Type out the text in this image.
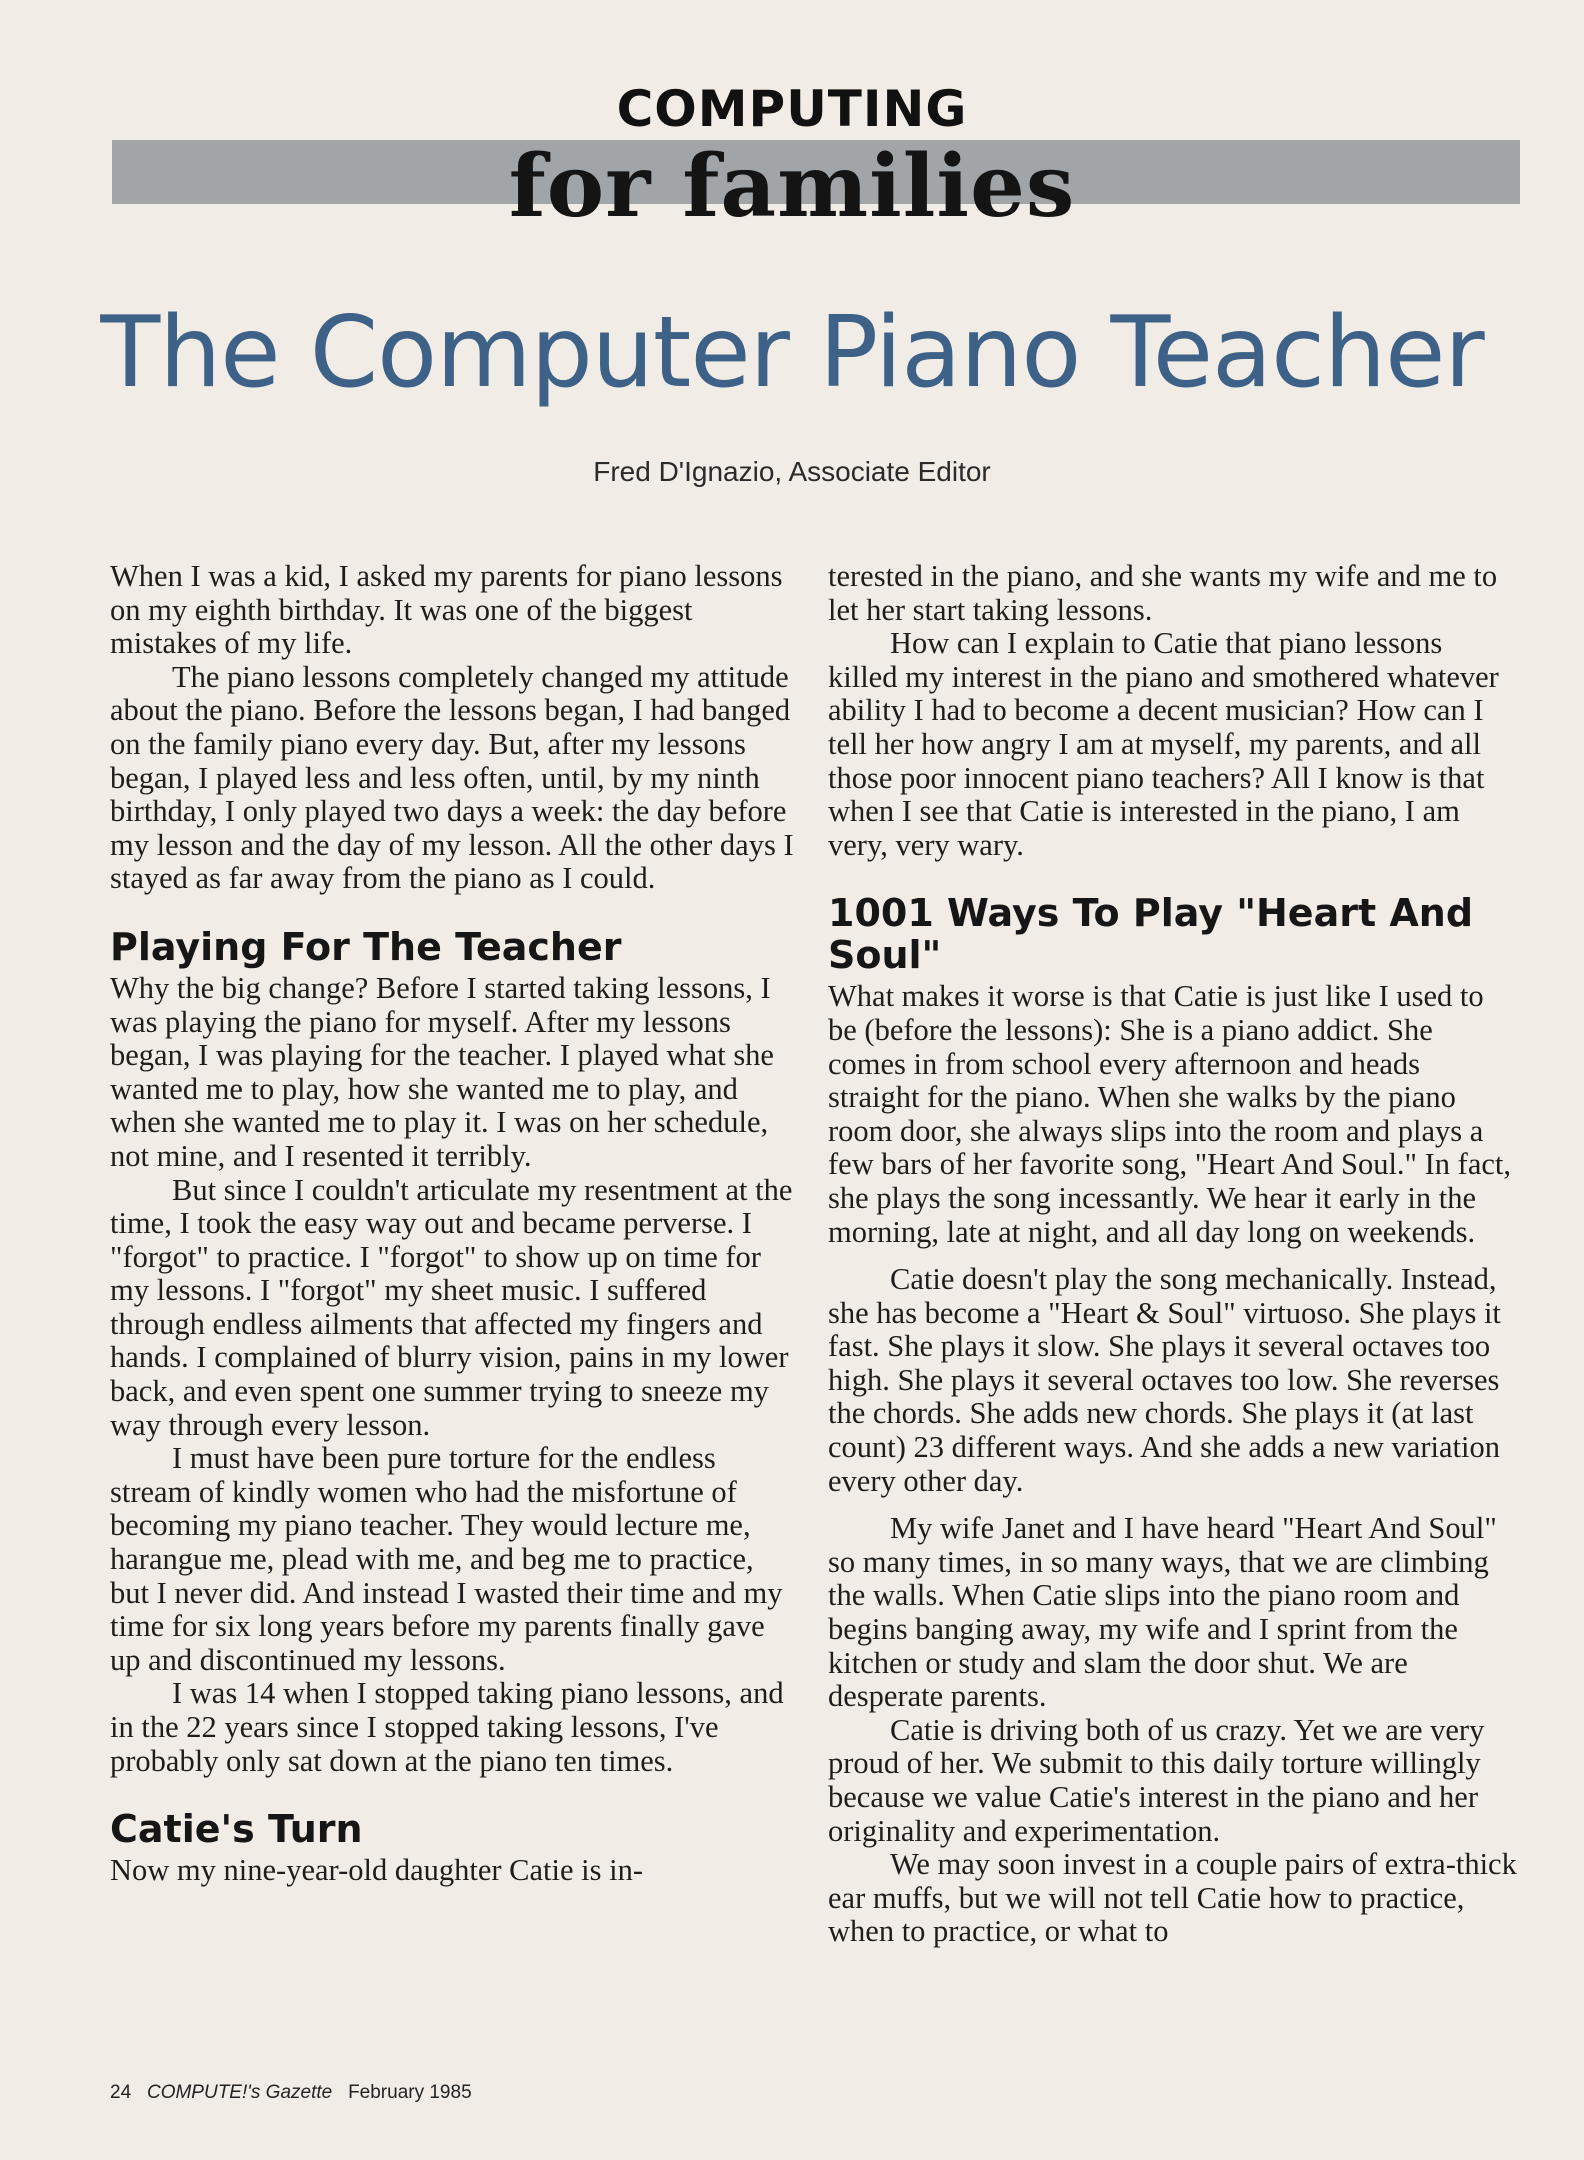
COMPUTING
for families
The Computer Piano Teacher
Fred D'Ignazio, Associate Editor

When I was a kid, I asked my parents for piano lessons on my eighth birthday. It was one of the biggest mistakes of my life.

The piano lessons completely changed my attitude about the piano. Before the lessons began, I had banged on the family piano every day. But, after my lessons began, I played less and less often, until, by my ninth birthday, I only played two days a week: the day before my lesson and the day of my lesson. All the other days I stayed as far away from the piano as I could.

Playing For The Teacher

Why the big change? Before I started taking lessons, I was playing the piano for myself. After my lessons began, I was playing for the teacher. I played what she wanted me to play, how she wanted me to play, and when she wanted me to play it. I was on her schedule, not mine, and I resented it terribly.

But since I couldn't articulate my resentment at the time, I took the easy way out and became perverse. I "forgot" to practice. I "forgot" to show up on time for my lessons. I "forgot" my sheet music. I suffered through endless ailments that affected my fingers and hands. I complained of blurry vision, pains in my lower back, and even spent one summer trying to sneeze my way through every lesson.

I must have been pure torture for the endless stream of kindly women who had the misfortune of becoming my piano teacher. They would lecture me, harangue me, plead with me, and beg me to practice, but I never did. And instead I wasted their time and my time for six long years before my parents finally gave up and discontinued my lessons.

I was 14 when I stopped taking piano lessons, and in the 22 years since I stopped taking lessons, I've probably only sat down at the piano ten times.

Catie's Turn

Now my nine-year-old daughter Catie is in-

terested in the piano, and she wants my wife and me to let her start taking lessons.

How can I explain to Catie that piano lessons killed my interest in the piano and smothered whatever ability I had to become a decent musician? How can I tell her how angry I am at myself, my parents, and all those poor innocent piano teachers? All I know is that when I see that Catie is interested in the piano, I am very, very wary.

1001 Ways To Play "Heart And Soul"

What makes it worse is that Catie is just like I used to be (before the lessons): She is a piano addict. She comes in from school every afternoon and heads straight for the piano. When she walks by the piano room door, she always slips into the room and plays a few bars of her favorite song, "Heart And Soul." In fact, she plays the song incessantly. We hear it early in the morning, late at night, and all day long on weekends.

Catie doesn't play the song mechanically. Instead, she has become a "Heart & Soul" virtuoso. She plays it fast. She plays it slow. She plays it several octaves too high. She plays it several octaves too low. She reverses the chords. She adds new chords. She plays it (at last count) 23 different ways. And she adds a new variation every other day.

My wife Janet and I have heard "Heart And Soul" so many times, in so many ways, that we are climbing the walls. When Catie slips into the piano room and begins banging away, my wife and I sprint from the kitchen or study and slam the door shut. We are desperate parents.

Catie is driving both of us crazy. Yet we are very proud of her. We submit to this daily torture willingly because we value Catie's interest in the piano and her originality and experimentation.

We may soon invest in a couple pairs of extra-thick ear muffs, but we will not tell Catie how to practice, when to practice, or what to

24 COMPUTE!'s Gazette February 1985
